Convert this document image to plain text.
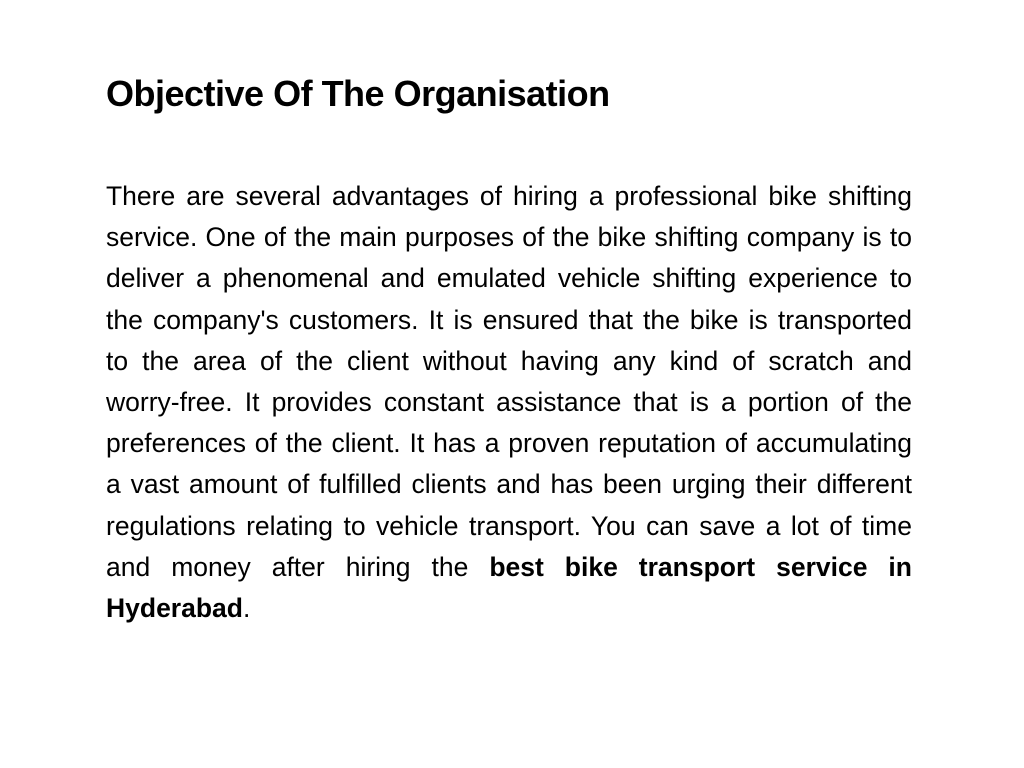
Objective Of The Organisation

There are several advantages of hiring a professional bike shifting service. One of the main purposes of the bike shifting company is to deliver a phenomenal and emulated vehicle shifting experience to the company's customers. It is ensured that the bike is transported to the area of the client without having any kind of scratch and worry-free. It provides constant assistance that is a portion of the preferences of the client. It has a proven reputation of accumulating a vast amount of fulfilled clients and has been urging their different regulations relating to vehicle transport. You can save a lot of time and money after hiring the best bike transport service in Hyderabad.
